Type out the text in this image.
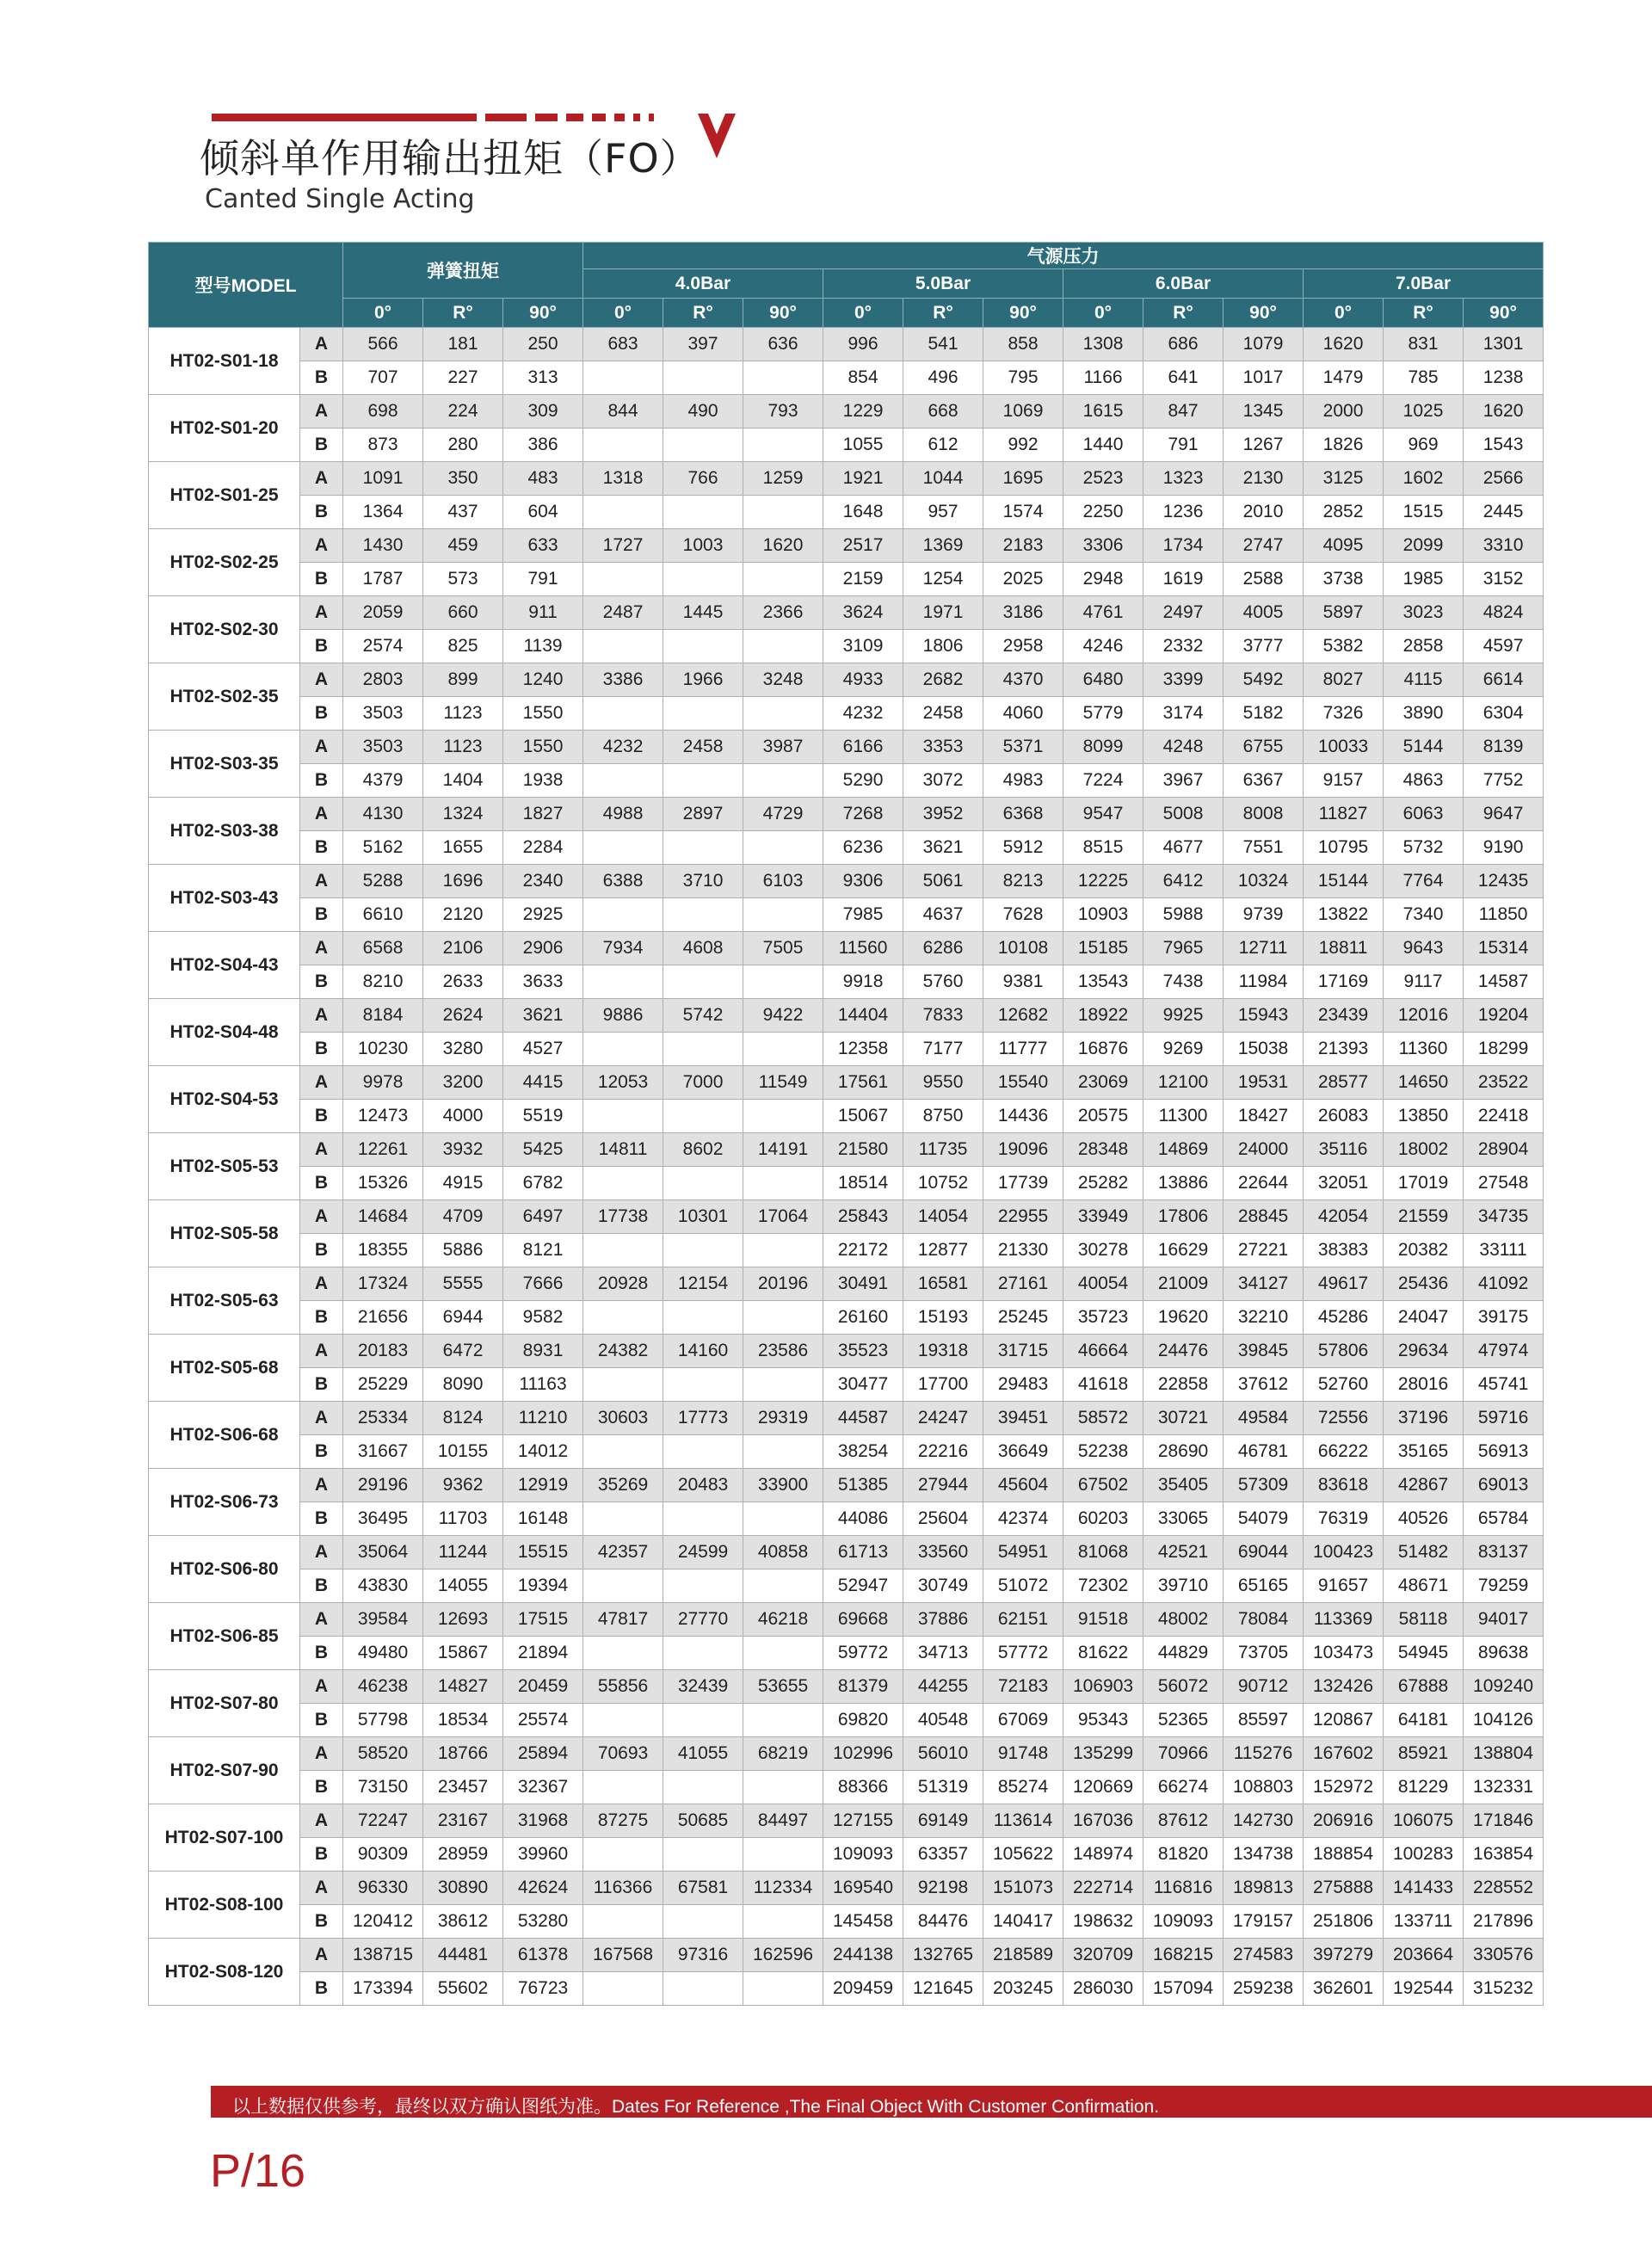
倾斜单作用输出扭矩（FO）
Canted Single Acting
型号MODEL		弹簧扭矩			气源压力											
					4.0Bar			5.0Bar			6.0Bar			7.0Bar		
		0°	R°	90°	0°	R°	90°	0°	R°	90°	0°	R°	90°	0°	R°	90°
HT02-S01-18	A	566	181	250	683	397	636	996	541	858	1308	686	1079	1620	831	1301
	B	707	227	313				854	496	795	1166	641	1017	1479	785	1238
HT02-S01-20	A	698	224	309	844	490	793	1229	668	1069	1615	847	1345	2000	1025	1620
	B	873	280	386				1055	612	992	1440	791	1267	1826	969	1543
HT02-S01-25	A	1091	350	483	1318	766	1259	1921	1044	1695	2523	1323	2130	3125	1602	2566
	B	1364	437	604				1648	957	1574	2250	1236	2010	2852	1515	2445
HT02-S02-25	A	1430	459	633	1727	1003	1620	2517	1369	2183	3306	1734	2747	4095	2099	3310
	B	1787	573	791				2159	1254	2025	2948	1619	2588	3738	1985	3152
HT02-S02-30	A	2059	660	911	2487	1445	2366	3624	1971	3186	4761	2497	4005	5897	3023	4824
	B	2574	825	1139				3109	1806	2958	4246	2332	3777	5382	2858	4597
HT02-S02-35	A	2803	899	1240	3386	1966	3248	4933	2682	4370	6480	3399	5492	8027	4115	6614
	B	3503	1123	1550				4232	2458	4060	5779	3174	5182	7326	3890	6304
HT02-S03-35	A	3503	1123	1550	4232	2458	3987	6166	3353	5371	8099	4248	6755	10033	5144	8139
	B	4379	1404	1938				5290	3072	4983	7224	3967	6367	9157	4863	7752
HT02-S03-38	A	4130	1324	1827	4988	2897	4729	7268	3952	6368	9547	5008	8008	11827	6063	9647
	B	5162	1655	2284				6236	3621	5912	8515	4677	7551	10795	5732	9190
HT02-S03-43	A	5288	1696	2340	6388	3710	6103	9306	5061	8213	12225	6412	10324	15144	7764	12435
	B	6610	2120	2925				7985	4637	7628	10903	5988	9739	13822	7340	11850
HT02-S04-43	A	6568	2106	2906	7934	4608	7505	11560	6286	10108	15185	7965	12711	18811	9643	15314
	B	8210	2633	3633				9918	5760	9381	13543	7438	11984	17169	9117	14587
HT02-S04-48	A	8184	2624	3621	9886	5742	9422	14404	7833	12682	18922	9925	15943	23439	12016	19204
	B	10230	3280	4527				12358	7177	11777	16876	9269	15038	21393	11360	18299
HT02-S04-53	A	9978	3200	4415	12053	7000	11549	17561	9550	15540	23069	12100	19531	28577	14650	23522
	B	12473	4000	5519				15067	8750	14436	20575	11300	18427	26083	13850	22418
HT02-S05-53	A	12261	3932	5425	14811	8602	14191	21580	11735	19096	28348	14869	24000	35116	18002	28904
	B	15326	4915	6782				18514	10752	17739	25282	13886	22644	32051	17019	27548
HT02-S05-58	A	14684	4709	6497	17738	10301	17064	25843	14054	22955	33949	17806	28845	42054	21559	34735
	B	18355	5886	8121				22172	12877	21330	30278	16629	27221	38383	20382	33111
HT02-S05-63	A	17324	5555	7666	20928	12154	20196	30491	16581	27161	40054	21009	34127	49617	25436	41092
	B	21656	6944	9582				26160	15193	25245	35723	19620	32210	45286	24047	39175
HT02-S05-68	A	20183	6472	8931	24382	14160	23586	35523	19318	31715	46664	24476	39845	57806	29634	47974
	B	25229	8090	11163				30477	17700	29483	41618	22858	37612	52760	28016	45741
HT02-S06-68	A	25334	8124	11210	30603	17773	29319	44587	24247	39451	58572	30721	49584	72556	37196	59716
	B	31667	10155	14012				38254	22216	36649	52238	28690	46781	66222	35165	56913
HT02-S06-73	A	29196	9362	12919	35269	20483	33900	51385	27944	45604	67502	35405	57309	83618	42867	69013
	B	36495	11703	16148				44086	25604	42374	60203	33065	54079	76319	40526	65784
HT02-S06-80	A	35064	11244	15515	42357	24599	40858	61713	33560	54951	81068	42521	69044	100423	51482	83137
	B	43830	14055	19394				52947	30749	51072	72302	39710	65165	91657	48671	79259
HT02-S06-85	A	39584	12693	17515	47817	27770	46218	69668	37886	62151	91518	48002	78084	113369	58118	94017
	B	49480	15867	21894				59772	34713	57772	81622	44829	73705	103473	54945	89638
HT02-S07-80	A	46238	14827	20459	55856	32439	53655	81379	44255	72183	106903	56072	90712	132426	67888	109240
	B	57798	18534	25574				69820	40548	67069	95343	52365	85597	120867	64181	104126
HT02-S07-90	A	58520	18766	25894	70693	41055	68219	102996	56010	91748	135299	70966	115276	167602	85921	138804
	B	73150	23457	32367				88366	51319	85274	120669	66274	108803	152972	81229	132331
HT02-S07-100	A	72247	23167	31968	87275	50685	84497	127155	69149	113614	167036	87612	142730	206916	106075	171846
	B	90309	28959	39960				109093	63357	105622	148974	81820	134738	188854	100283	163854
HT02-S08-100	A	96330	30890	42624	116366	67581	112334	169540	92198	151073	222714	116816	189813	275888	141433	228552
	B	120412	38612	53280				145458	84476	140417	198632	109093	179157	251806	133711	217896
HT02-S08-120	A	138715	44481	61378	167568	97316	162596	244138	132765	218589	320709	168215	274583	397279	203664	330576
	B	173394	55602	76723				209459	121645	203245	286030	157094	259238	362601	192544	315232
以上数据仅供参考，最终以双方确认图纸为准。Dates For Reference ,The Final Object With Customer Confirmation.
P/16
